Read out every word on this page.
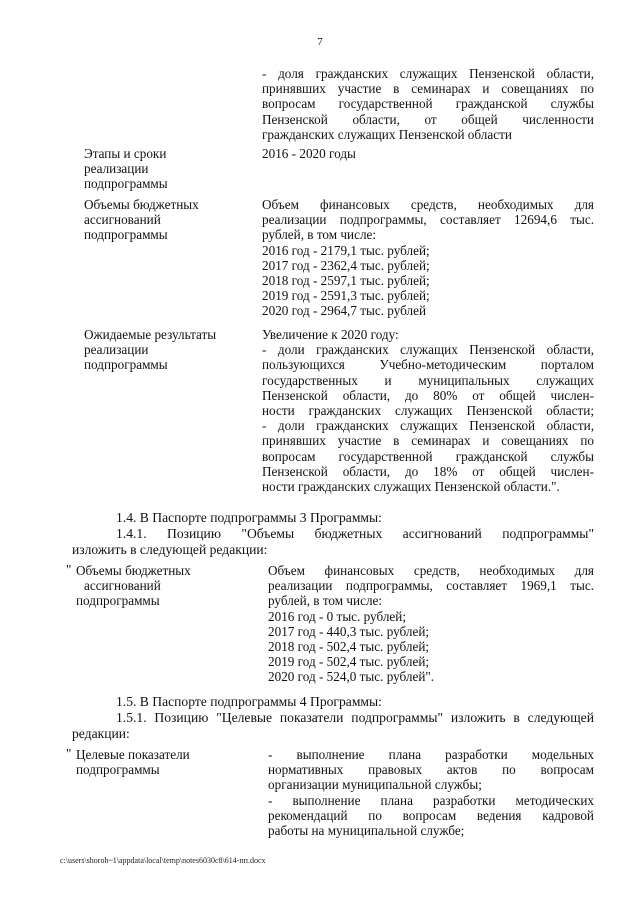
7
- доля гражданских служащих Пензенской области,
принявших участие в семинарах и совещаниях по
вопросам государственной гражданской службы
Пензенской области, от общей численности
гражданских служащих Пензенской области
Этапы и сроки
реализации
подпрограммы
2016 - 2020 годы
Объемы бюджетных
ассигнований
подпрограммы
Объем финансовых средств, необходимых для
реализации подпрограммы, составляет 12694,6 тыс.
рублей, в том числе:
2016 год - 2179,1 тыс. рублей;
2017 год - 2362,4 тыс. рублей;
2018 год - 2597,1 тыс. рублей;
2019 год - 2591,3 тыс. рублей;
2020 год - 2964,7 тыс. рублей
Ожидаемые результаты
реализации
подпрограммы
Увеличение к 2020 году:
- доли гражданских служащих Пензенской области,
пользующихся Учебно-методическим порталом
государственных и муниципальных служащих
Пензенской области, до 80% от общей числен-
ности гражданских служащих Пензенской области;
- доли гражданских служащих Пензенской области,
принявших участие в семинарах и совещаниях по
вопросам государственной гражданской службы
Пензенской области, до 18% от общей числен-
ности гражданских служащих Пензенской области.".
1.4. В Паспорте подпрограммы 3 Программы:
1.4.1. Позицию "Объемы бюджетных ассигнований подпрограммы"
изложить в следующей редакции:
" Объемы бюджетных
ассигнований
подпрограммы
Объем финансовых средств, необходимых для
реализации подпрограммы, составляет 1969,1 тыс.
рублей, в том числе:
2016 год - 0 тыс. рублей;
2017 год - 440,3 тыс. рублей;
2018 год - 502,4 тыс. рублей;
2019 год - 502,4 тыс. рублей;
2020 год - 524,0 тыс. рублей".
1.5. В Паспорте подпрограммы 4 Программы:
1.5.1. Позицию "Целевые показатели подпрограммы" изложить в следующей
редакции:
" Целевые показатели
подпрограммы
- выполнение плана разработки модельных
нормативных правовых актов по вопросам
организации муниципальной службы;
- выполнение плана разработки методических
рекомендаций по вопросам ведения кадровой
работы на муниципальной службе;
c:\users\shoroh~1\appdata\local\temp\notes6030c8\614-пп.docx
